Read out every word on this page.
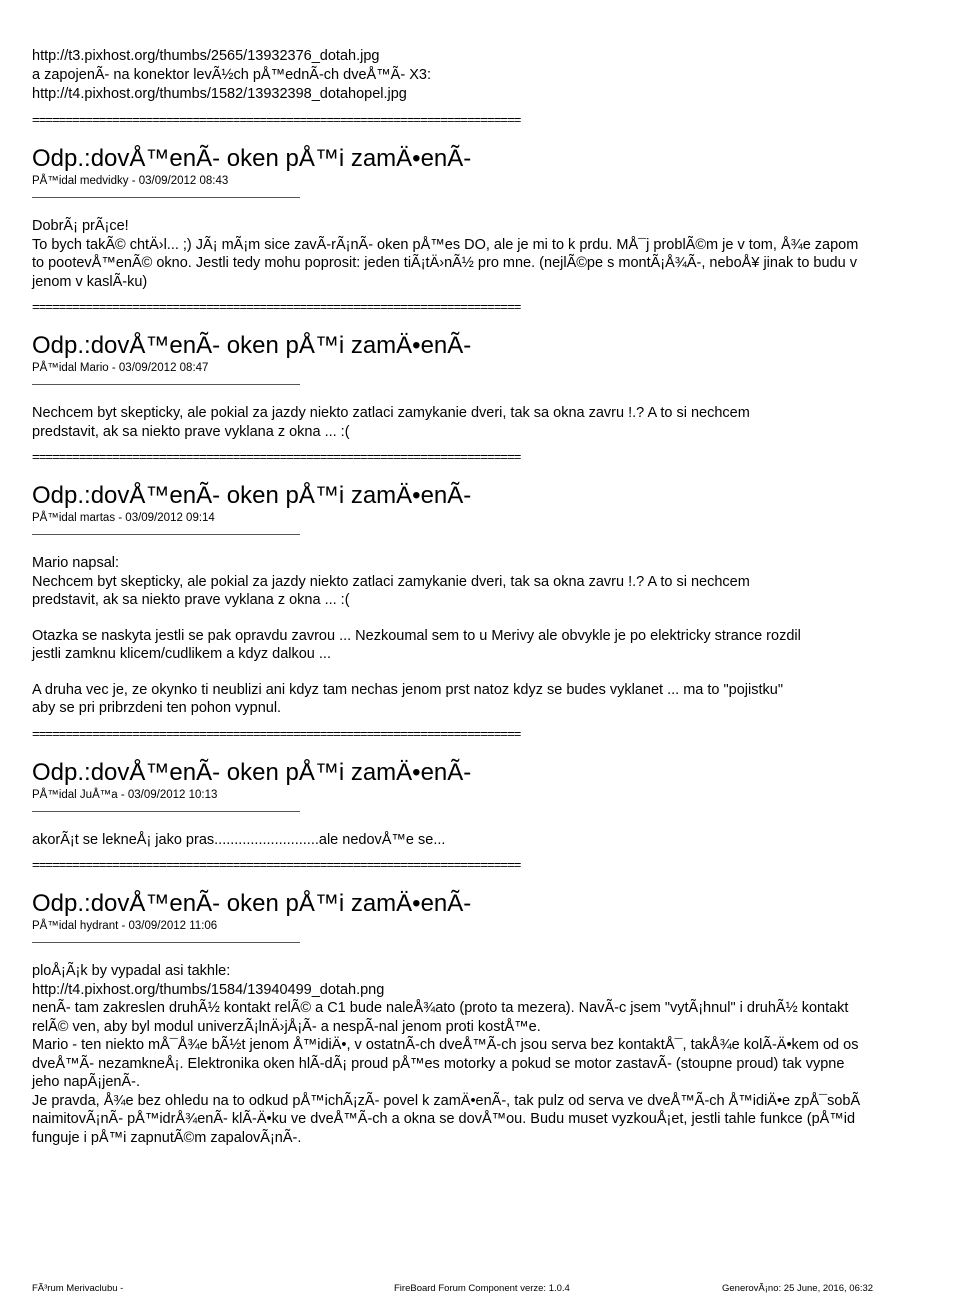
http://t3.pixhost.org/thumbs/2565/13932376_dotah.jpg
a zapojenÃ- na konektor levÃ½ch pÅ™ednÃ-ch dveÅ™Ã- X3:
http://t4.pixhost.org/thumbs/1582/13932398_dotahopel.jpg
=========================================================================
Odp.:dovÅ™enÃ- oken pÅ™i zamÄ•enÃ-
PÅ™idal medvidky - 03/09/2012 08:43

DobrÃ¡ prÃ¡ce!

To bych takÃ© chtÄ›l... ;) JÃ¡ mÃ¡m sice zavÃ-rÃ¡nÃ- oken pÅ™es DO, ale je mi to k prdu. MÅ¯j problÃ©m je v tom, Å¾e zapom

to pootevÅ™enÃ© okno. Jestli tedy mohu poprosit: jeden tiÃ¡tÄ›nÃ½ pro mne. (nejlÃ©pe s montÃ¡Å¾Ã-, neboÅ¥ jinak to budu v

jenom v kaslÃ-ku)

=========================================================================
Odp.:dovÅ™enÃ- oken pÅ™i zamÄ•enÃ-
PÅ™idal Mario - 03/09/2012 08:47

Nechcem byt skepticky, ale pokial za jazdy niekto zatlaci zamykanie dveri, tak sa okna zavru !.? A to si nechcem

predstavit, ak sa niekto prave vyklana z okna ... :(

=========================================================================
Odp.:dovÅ™enÃ- oken pÅ™i zamÄ•enÃ-
PÅ™idal martas - 03/09/2012 09:14

Mario napsal:

Nechcem byt skepticky, ale pokial za jazdy niekto zatlaci zamykanie dveri, tak sa okna zavru !.? A to si nechcem

predstavit, ak sa niekto prave vyklana z okna ... :(

Otazka se naskyta jestli se pak opravdu zavrou ... Nezkoumal sem to u Merivy ale obvykle je po elektricky strance rozdil

jestli zamknu klicem/cudlikem a kdyz dalkou ...

A druha vec je, ze okynko ti neublizi ani kdyz tam nechas jenom prst natoz kdyz se budes vyklanet ... ma to "pojistku"

aby se pri pribrzdeni ten pohon vypnul.

=========================================================================
Odp.:dovÅ™enÃ- oken pÅ™i zamÄ•enÃ-
PÅ™idal JuÅ™a - 03/09/2012 10:13

akorÃ¡t se lekneÅ¡ jako pras..........................ale nedovÅ™e se...

=========================================================================
Odp.:dovÅ™enÃ- oken pÅ™i zamÄ•enÃ-
PÅ™idal hydrant - 03/09/2012 11:06

ploÅ¡Ã¡k by vypadal asi takhle:

http://t4.pixhost.org/thumbs/1584/13940499_dotah.png

nenÃ- tam zakreslen druhÃ½ kontakt relÃ© a C1 bude naleÅ¾ato (proto ta mezera). NavÃ-c jsem "vytÃ¡hnul" i druhÃ½ kontakt

relÃ© ven, aby byl modul univerzÃ¡lnÄ›jÅ¡Ã- a nespÃ-nal jenom proti kostÅ™e.

Mario - ten niekto mÅ¯Å¾e bÃ½t jenom Å™idiÄ•, v ostatnÃ-ch dveÅ™Ã-ch jsou serva bez kontaktÅ¯, takÅ¾e kolÃ-Ä•kem od os

dveÅ™Ã- nezamkneÅ¡. Elektronika oken hlÃ-dÃ¡ proud pÅ™es motorky a pokud se motor zastavÃ- (stoupne proud) tak vypne

jeho napÃ¡jenÃ-.

Je pravda, Å¾e bez ohledu na to odkud pÅ™ichÃ¡zÃ- povel k zamÄ•enÃ-, tak pulz od serva ve dveÅ™Ã-ch Å™idiÄ•e zpÅ¯sobÃ

naimitovÃ¡nÃ- pÅ™idrÅ¾enÃ- klÃ-Ä•ku ve dveÅ™Ã-ch a okna se dovÅ™ou. Budu muset vyzkouÅ¡et, jestli tahle funkce (pÅ™id

funguje i pÅ™i zapnutÃ©m zapalovÃ¡nÃ-.

FÃ³rum Merivaclubu -	FireBoard Forum Component verze: 1.0.4	GenerovÃ¡no: 25 June, 2016, 06:32
